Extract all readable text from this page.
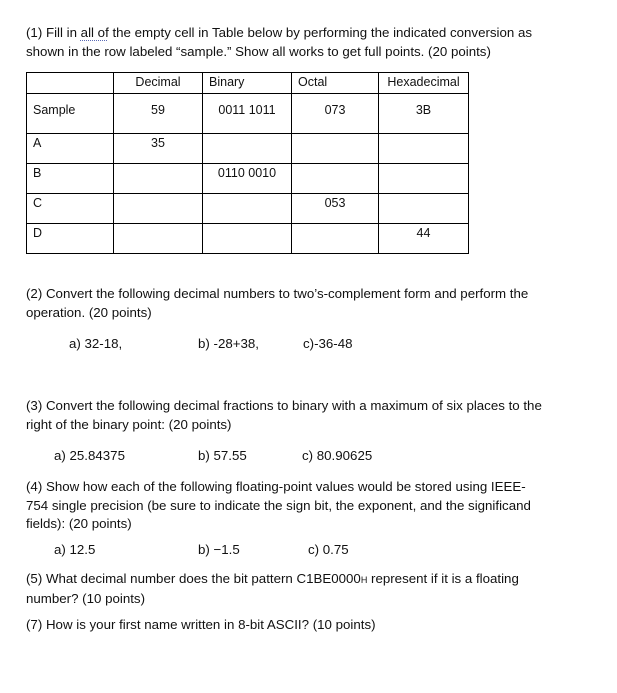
(1) Fill in all of the empty cell in Table below by performing the indicated conversion as
shown in the row labeled “sample.” Show all works to get full points. (20 points)

	Decimal	Binary	Octal	Hexadecimal

Sample	59	0011 1011	073	3B

A	35			

B		0110 0010		

C			053	

D				44

(2) Convert the following decimal numbers to two’s-complement form and perform the
operation. (20 points)

a) 32-18,	b) -28+38,	c)-36-48

(3) Convert the following decimal fractions to binary with a maximum of six places to the
right of the binary point: (20 points)

a) 25.84375	b) 57.55	c) 80.90625

(4) Show how each of the following floating-point values would be stored using IEEE-
754 single precision (be sure to indicate the sign bit, the exponent, and the significand
fields): (20 points)

a) 12.5	b) −1.5	c) 0.75

(5) What decimal number does the bit pattern C1BE0000H represent if it is a floating
number? (10 points)

(7) How is your first name written in 8-bit ASCII? (10 points)
